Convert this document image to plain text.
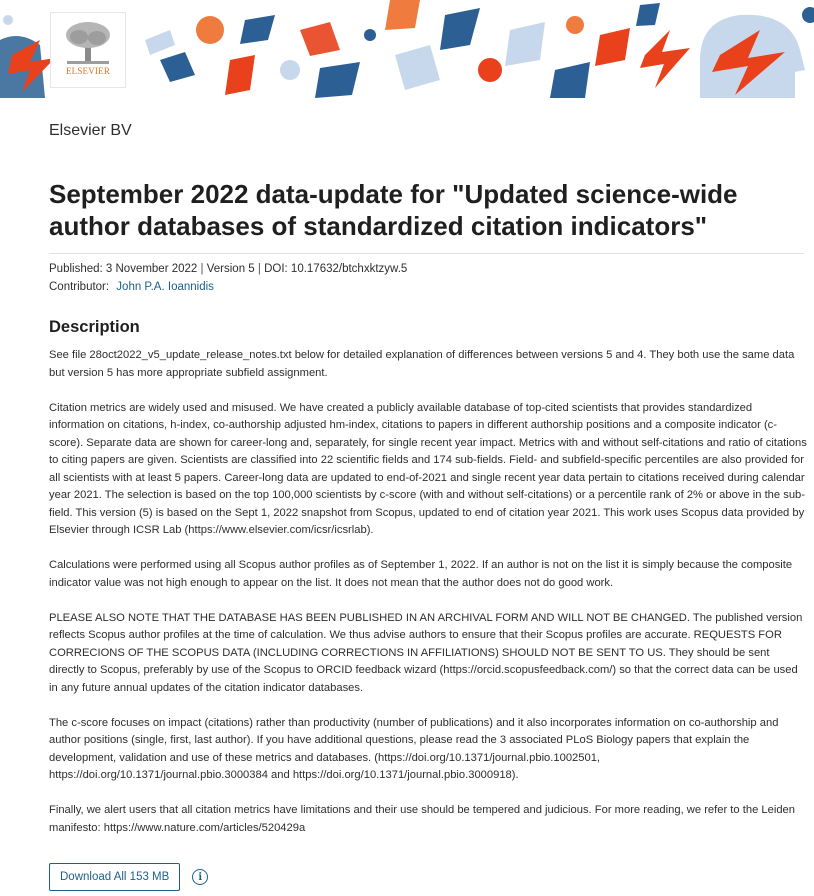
ELSEVIER
Elsevier BV
September 2022 data-update for "Updated science-wide author databases of standardized citation indicators"
Published: 3 November 2022 | Version 5 | DOI: 10.17632/btchxktzyw.5
Contributor: John P.A. Ioannidis
Description

See file 28oct2022_v5_update_release_notes.txt below for detailed explanation of differences between versions 5 and 4. They both use the same data but version 5 has more appropriate subfield assignment.

Citation metrics are widely used and misused. We have created a publicly available database of top-cited scientists that provides standardized information on citations, h-index, co-authorship adjusted hm-index, citations to papers in different authorship positions and a composite indicator (c-score). Separate data are shown for career-long and, separately, for single recent year impact. Metrics with and without self-citations and ratio of citations to citing papers are given. Scientists are classified into 22 scientific fields and 174 sub-fields. Field- and subfield-specific percentiles are also provided for all scientists with at least 5 papers. Career-long data are updated to end-of-2021 and single recent year data pertain to citations received during calendar year 2021. The selection is based on the top 100,000 scientists by c-score (with and without self-citations) or a percentile rank of 2% or above in the sub-field. This version (5) is based on the Sept 1, 2022 snapshot from Scopus, updated to end of citation year 2021. This work uses Scopus data provided by Elsevier through ICSR Lab (https://www.elsevier.com/icsr/icsrlab).

Calculations were performed using all Scopus author profiles as of September 1, 2022. If an author is not on the list it is simply because the composite indicator value was not high enough to appear on the list. It does not mean that the author does not do good work.

PLEASE ALSO NOTE THAT THE DATABASE HAS BEEN PUBLISHED IN AN ARCHIVAL FORM AND WILL NOT BE CHANGED. The published version reflects Scopus author profiles at the time of calculation. We thus advise authors to ensure that their Scopus profiles are accurate. REQUESTS FOR CORRECIONS OF THE SCOPUS DATA (INCLUDING CORRECTIONS IN AFFILIATIONS) SHOULD NOT BE SENT TO US. They should be sent directly to Scopus, preferably by use of the Scopus to ORCID feedback wizard (https://orcid.scopusfeedback.com/) so that the correct data can be used in any future annual updates of the citation indicator databases.

The c-score focuses on impact (citations) rather than productivity (number of publications) and it also incorporates information on co-authorship and author positions (single, first, last author). If you have additional questions, please read the 3 associated PLoS Biology papers that explain the development, validation and use of these metrics and databases. (https://doi.org/10.1371/journal.pbio.1002501, https://doi.org/10.1371/journal.pbio.3000384 and https://doi.org/10.1371/journal.pbio.3000918).

Finally, we alert users that all citation metrics have limitations and their use should be tempered and judicious. For more reading, we refer to the Leiden manifesto: https://www.nature.com/articles/520429a

Download All 153 MB	i
